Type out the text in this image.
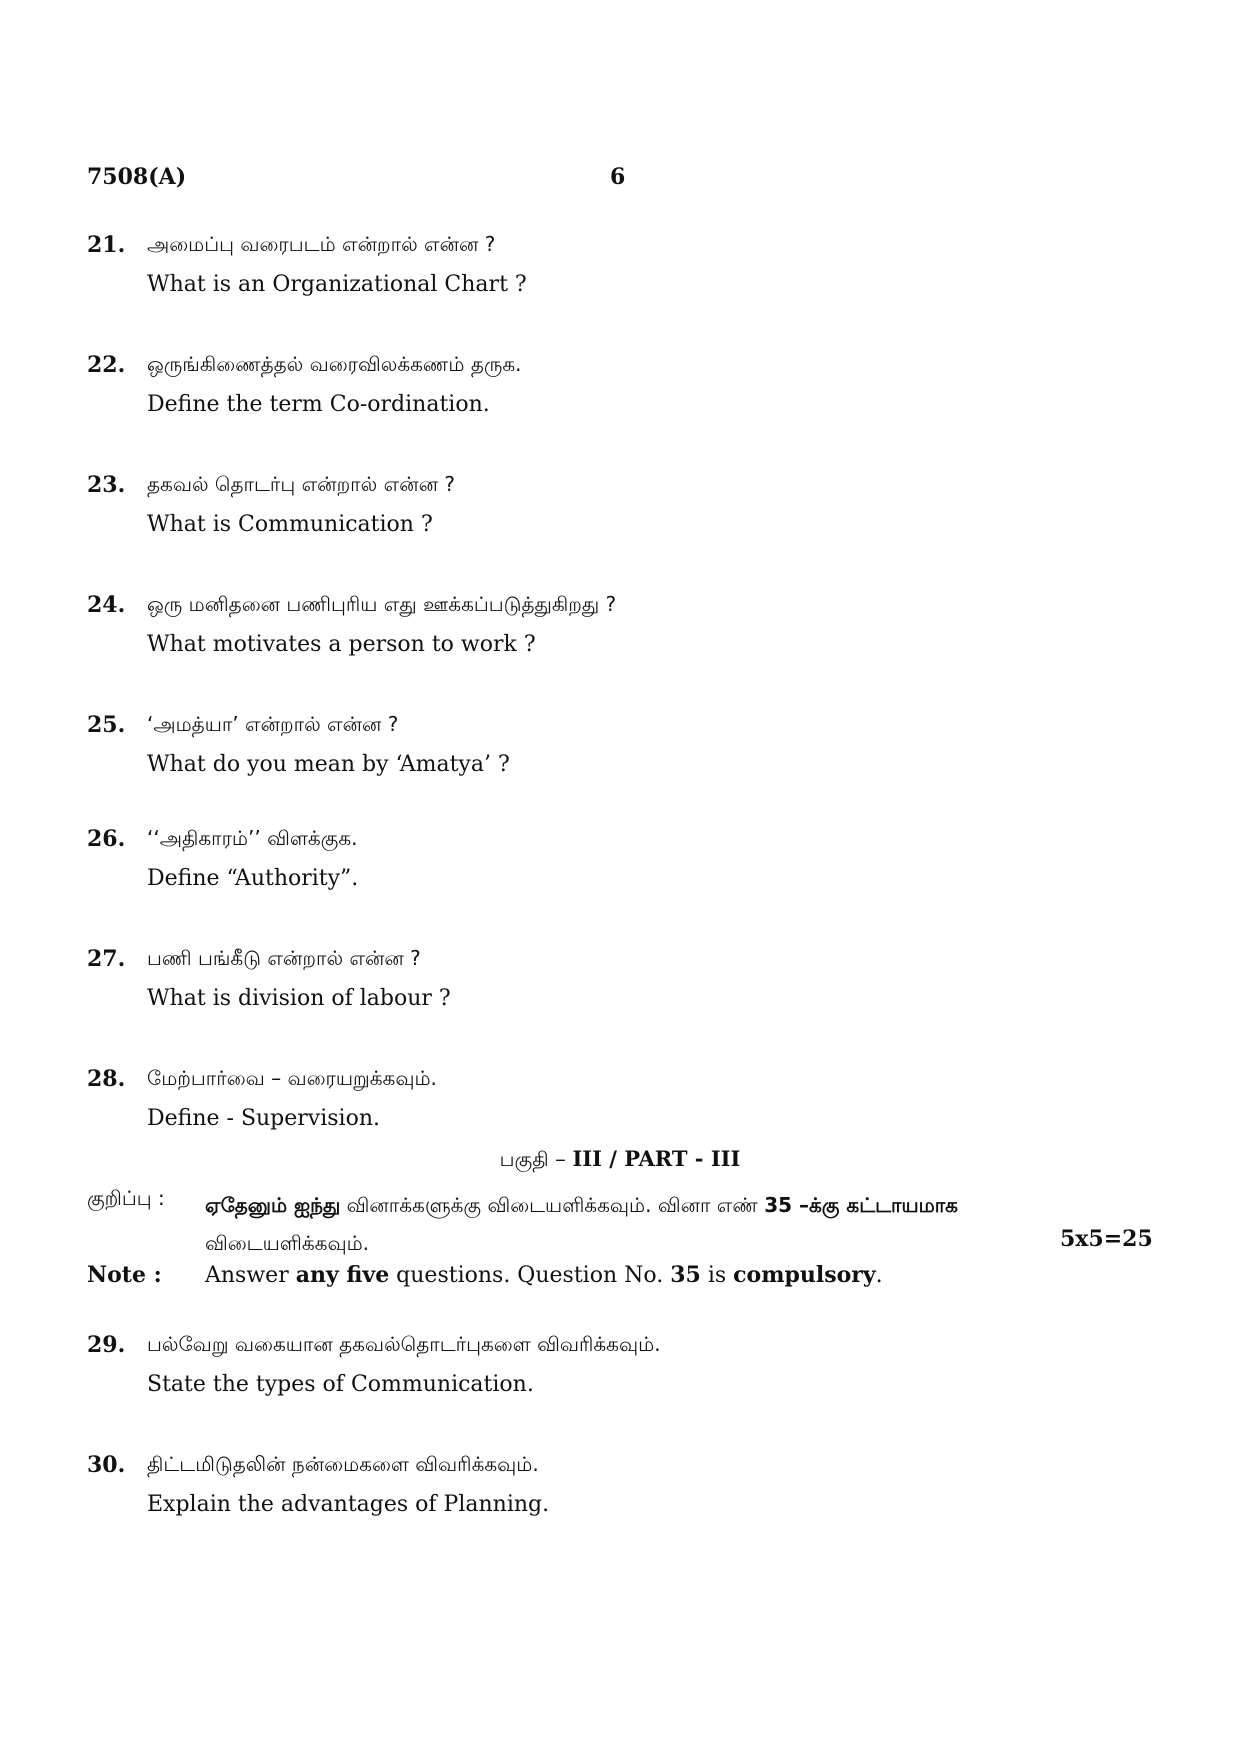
7508(A)	6
21. அமைப்பு வரைபடம் என்றால் என்ன ?
What is an Organizational Chart ?
22. ஒருங்கிணைத்தல் வரைவிலக்கணம் தருக.
Define the term Co-ordination.
23. தகவல் தொடர்பு என்றால் என்ன ?
What is Communication ?
24. ஒரு மனிதனை பணிபுரிய எது ஊக்கப்படுத்துகிறது ?
What motivates a person to work ?
25. ‘அமத்யா’ என்றால் என்ன ?
What do you mean by ‘Amatya’ ?
26. ‘‘அதிகாரம்’’ விளக்குக.
Define “Authority”.
27. பணி பங்கீடு என்றால் என்ன ?
What is division of labour ?
28. மேற்பார்வை – வரையறுக்கவும்.
Define - Supervision.
பகுதி – III / PART - III
குறிப்பு : ஏதேனும் ஐந்து வினாக்களுக்கு விடையளிக்கவும். வினா எண் 35 –க்கு கட்டாயமாக
விடையளிக்கவும்.	5x5=25
Note : Answer any five questions. Question No. 35 is compulsory.
29. பல்வேறு வகையான தகவல்தொடர்புகளை விவரிக்கவும்.
State the types of Communication.
30. திட்டமிடுதலின் நன்மைகளை விவரிக்கவும்.
Explain the advantages of Planning.
